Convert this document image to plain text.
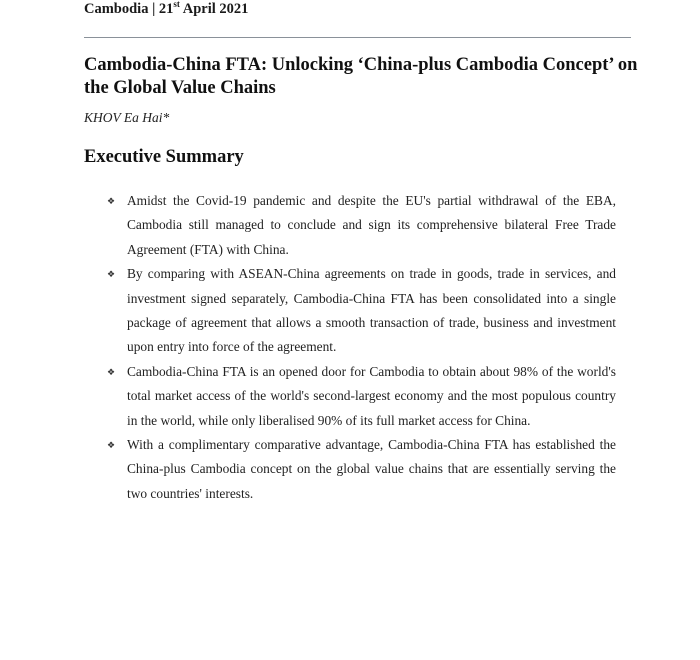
Cambodia | 21st April 2021
Cambodia-China FTA: Unlocking ‘China-plus Cambodia Concept’ on the Global Value Chains
KHOV Ea Hai*
Executive Summary
❖ Amidst the Covid-19 pandemic and despite the EU's partial withdrawal of the EBA, Cambodia still managed to conclude and sign its comprehensive bilateral Free Trade Agreement (FTA) with China.
❖ By comparing with ASEAN-China agreements on trade in goods, trade in services, and investment signed separately, Cambodia-China FTA has been consolidated into a single package of agreement that allows a smooth transaction of trade, business and investment upon entry into force of the agreement.
❖ Cambodia-China FTA is an opened door for Cambodia to obtain about 98% of the world's total market access of the world's second-largest economy and the most populous country in the world, while only liberalised 90% of its full market access for China.
❖ With a complimentary comparative advantage, Cambodia-China FTA has established the China-plus Cambodia concept on the global value chains that are essentially serving the two countries' interests.
